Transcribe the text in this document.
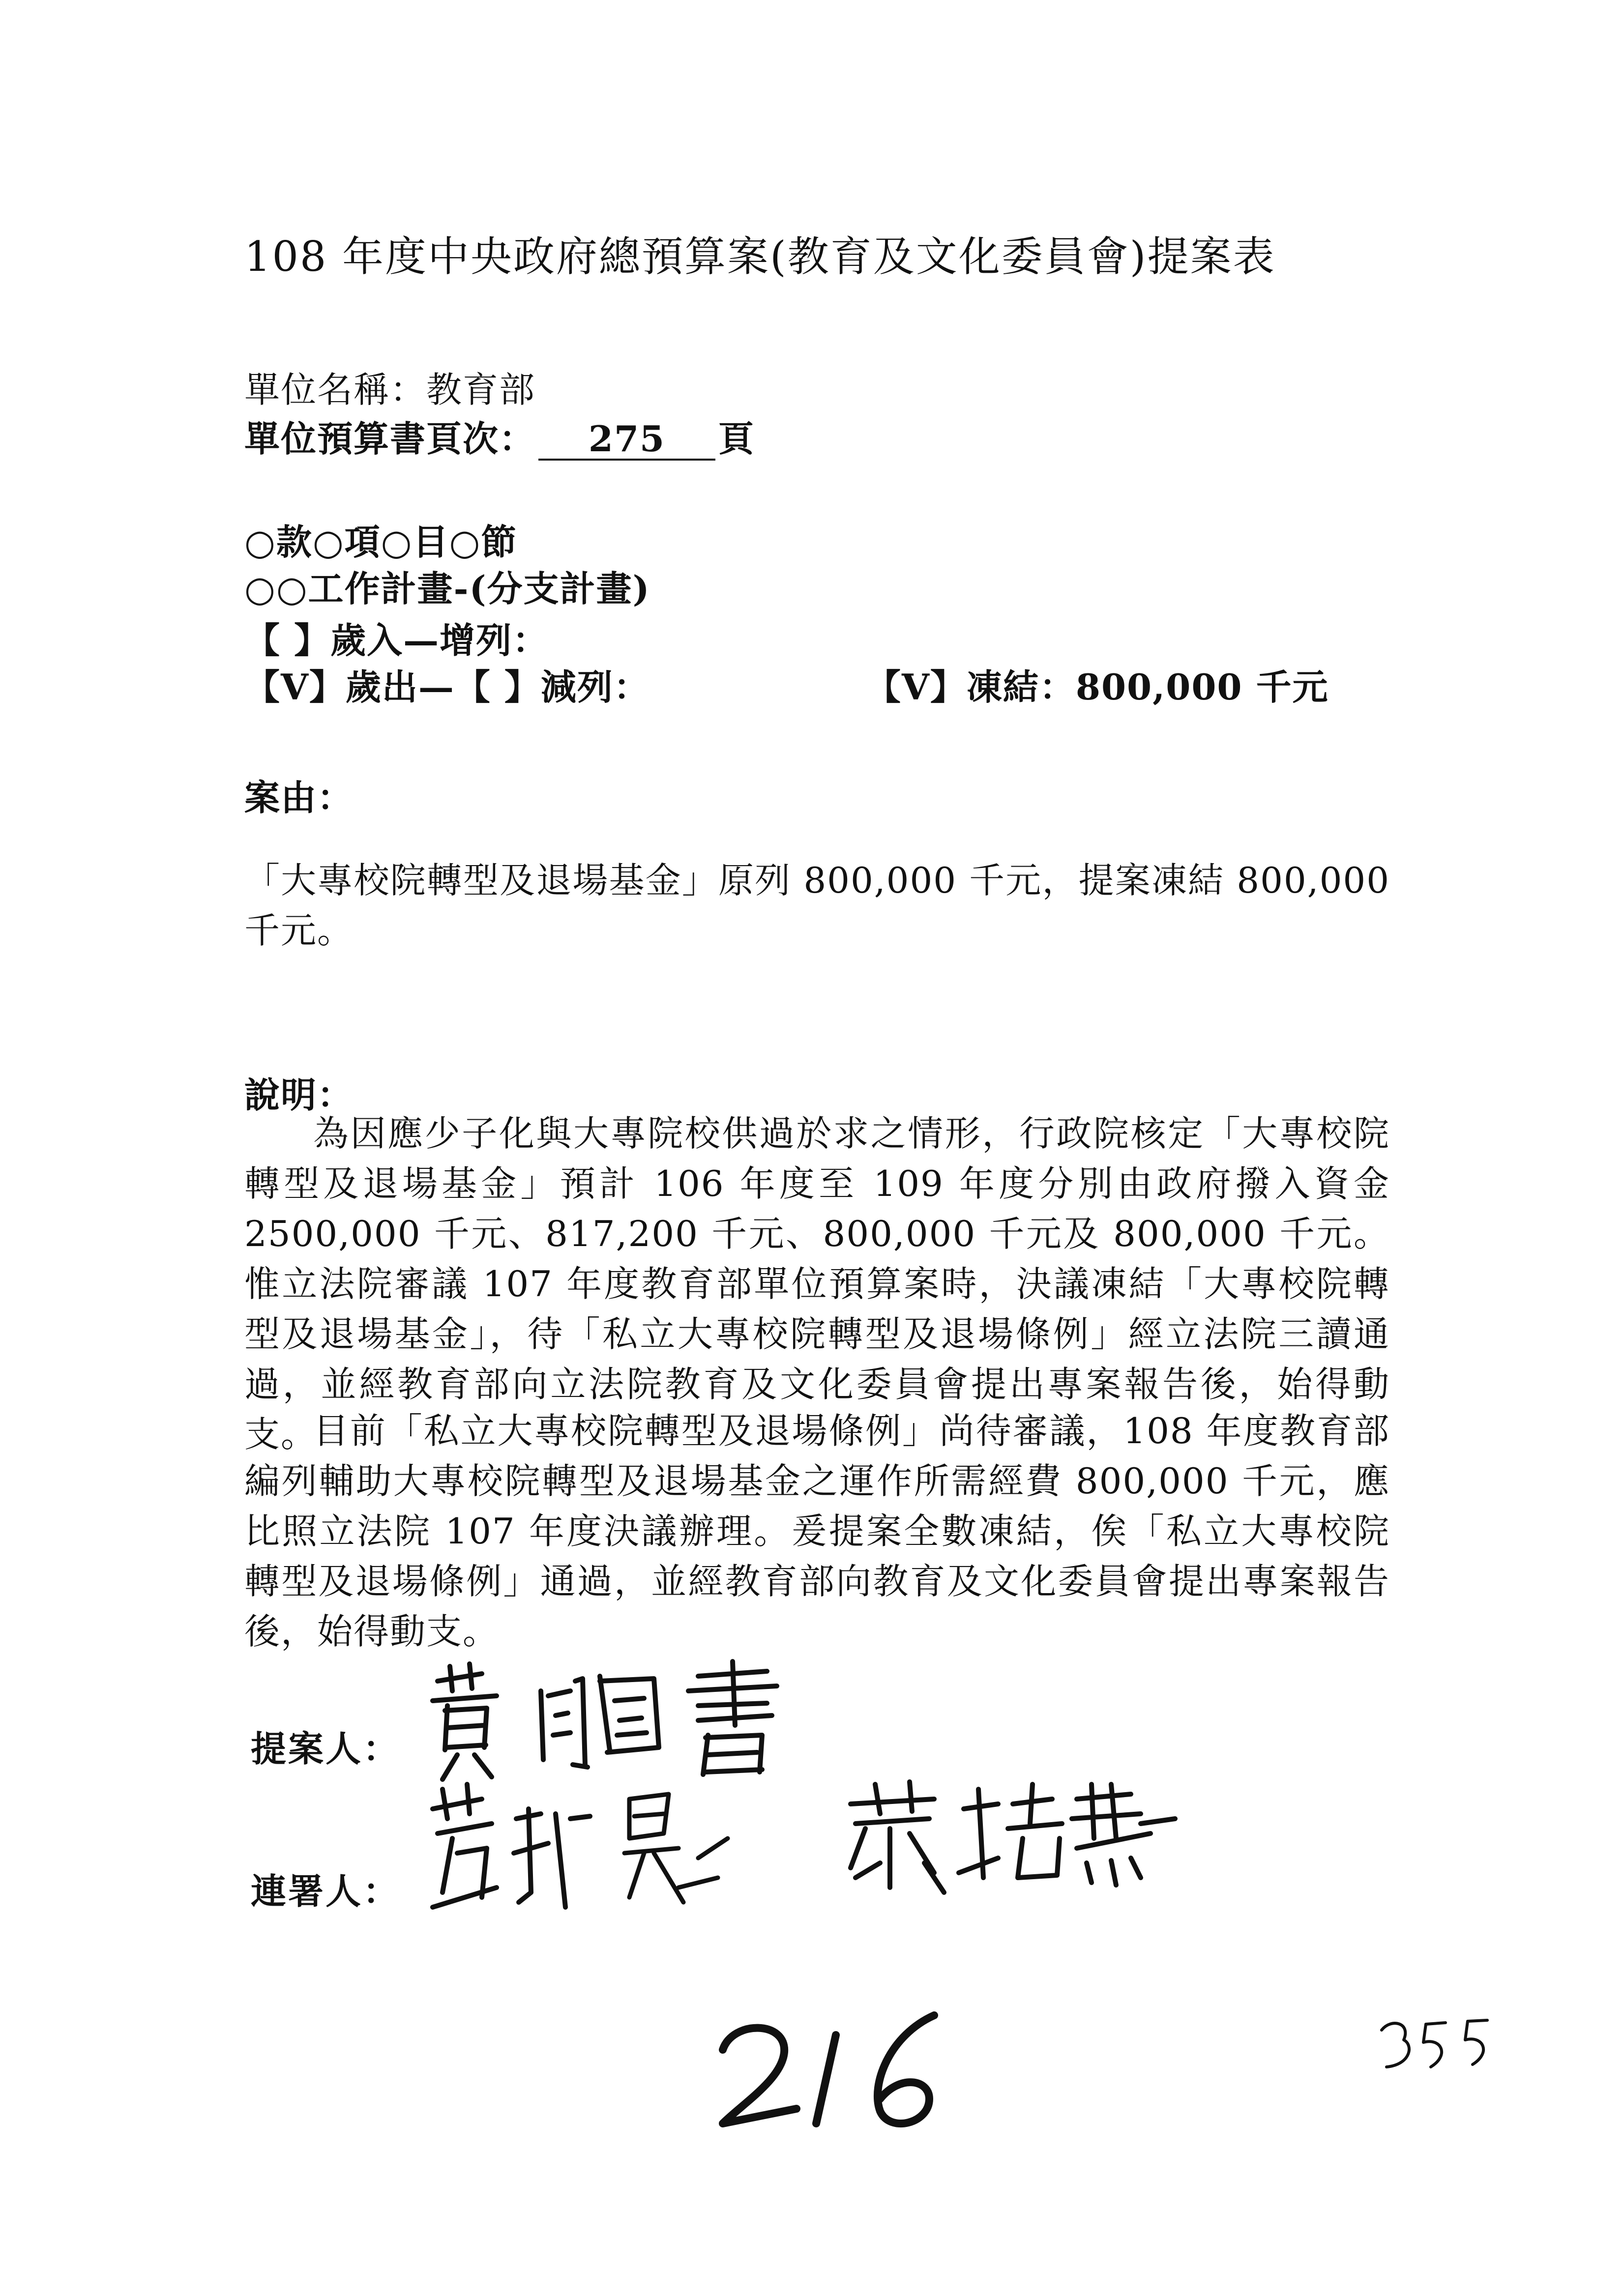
108 年度中央政府總預算案(教育及文化委員會)提案表
單位名稱：教育部
單位預算書頁次： 275 頁
○款○項○目○節
○○工作計畫-(分支計畫)
【 】歲入—增列：
【V】歲出—【 】減列：	【V】凍結：800,000 千元
案由：
「大專校院轉型及退場基金」原列 800,000 千元，提案凍結 800,000 千元。
說明：
為因應少子化與大專院校供過於求之情形，行政院核定「大專校院轉型及退場基金」預計 106 年度至 109 年度分別由政府撥入資金 2500,000 千元、817,200 千元、800,000 千元及 800,000 千元。惟立法院審議 107 年度教育部單位預算案時，決議凍結「大專校院轉型及退場基金」，待「私立大專校院轉型及退場條例」經立法院三讀通過，並經教育部向立法院教育及文化委員會提出專案報告後，始得動支。
目前「私立大專校院轉型及退場條例」尚待審議，108 年度教育部編列輔助大專校院轉型及退場基金之運作所需經費 800,000 千元，應比照立法院 107 年度決議辦理。爰提案全數凍結，俟「私立大專校院轉型及退場條例」通過，並經教育部向教育及文化委員會提出專案報告後，始得動支。
提案人：
連署人：
